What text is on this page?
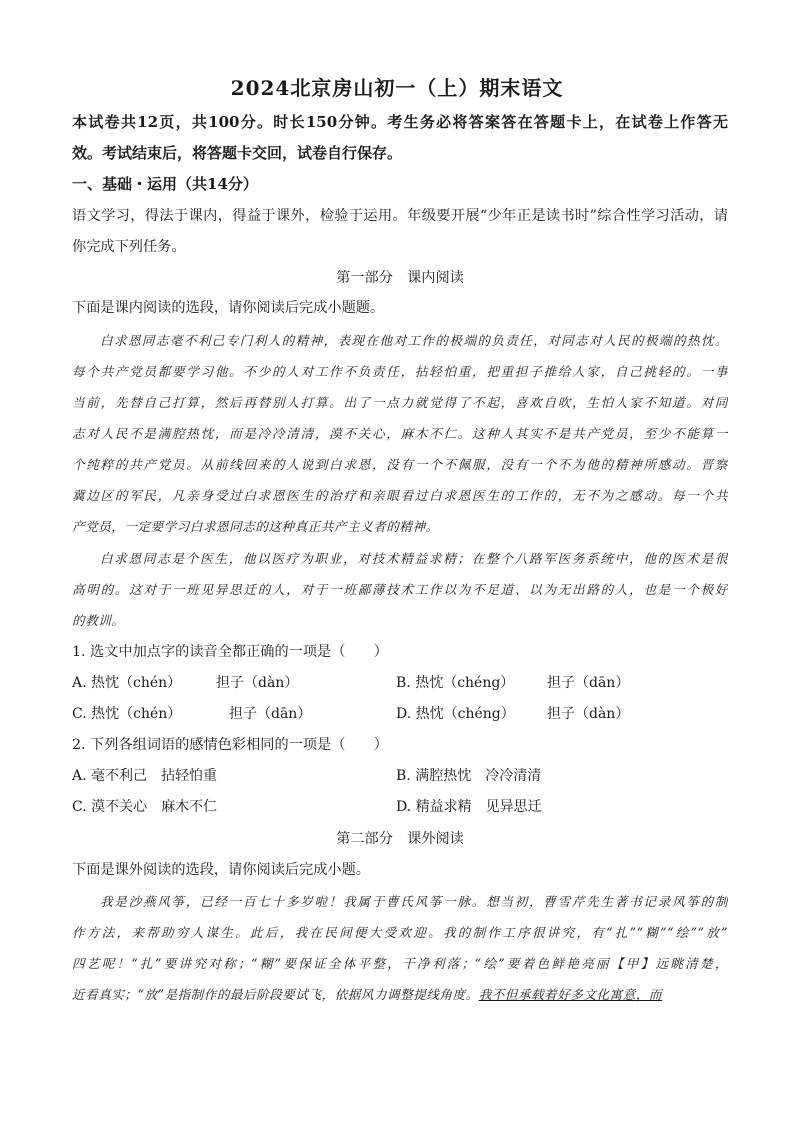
2024北京房山初一（上）期末语文
本试卷共12页，共100分。时长150分钟。考生务必将答案答在答题卡上，在试卷上作答无
效。考试结束后，将答题卡交回，试卷自行保存。
一、基础・运用（共14分）
语文学习，得法于课内，得益于课外，检验于运用。年级要开展“少年正是读书时”综合性学习活动，请
你完成下列任务。
第一部分　课内阅读
下面是课内阅读的选段，请你阅读后完成小题题。
白求恩同志毫不利己专门利人的精神，表现在他对工作的极端的负责任，对同志对人民的极端的热忱。
每个共产党员都要学习他。不少的人对工作不负责任，拈轻怕重，把重担子推给人家，自己挑轻的。一事
当前，先替自己打算，然后再替别人打算。出了一点力就觉得了不起，喜欢自吹，生怕人家不知道。对同
志对人民不是满腔热忱，而是冷冷清清，漠不关心，麻木不仁。这种人其实不是共产党员，至少不能算一
个纯粹的共产党员。从前线回来的人说到白求恩，没有一个不佩服，没有一个不为他的精神所感动。晋察
冀边区的军民，凡亲身受过白求恩医生的治疗和亲眼看过白求恩医生的工作的，无不为之感动。每一个共
产党员，一定要学习白求恩同志的这种真正共产主义者的精神。
白求恩同志是个医生，他以医疗为职业，对技术精益求精；在整个八路军医务系统中，他的医术是很
高明的。这对于一班见异思迁的人，对于一班鄙薄技术工作以为不足道、以为无出路的人，也是一个极好
的教训。
1. 选文中加点字的读音全都正确的一项是（　　）
A. 热忱（chén） 担子（dàn）	B. 热忱（chéng） 担子（dān）
C. 热忱（chén）	担子（dān）	D. 热忱（chéng） 担子（dàn）
2. 下列各组词语的感情色彩相同的一项是（　　）
A. 毫不利己　拈轻怕重	B. 满腔热忱　冷冷清清
C. 漠不关心　麻木不仁	D. 精益求精　见异思迁
第二部分　课外阅读
下面是课外阅读的选段，请你阅读后完成小题。
我是沙燕风筝，已经一百七十多岁啦！我属于曹氏风筝一脉。想当初，曹雪芹先生著书记录风筝的制
作方法，来帮助穷人谋生。此后，我在民间便大受欢迎。我的制作工序很讲究，有“扎”“糊”“绘”“放”
四艺呢！“扎”要讲究对称；“糊”要保证全体平整，干净利落；“绘”要着色鲜艳亮丽【甲】远眺清楚，
近看真实；“放”是指制作的最后阶段要试飞，依据风力调整提线角度。我不但承载着好多文化寓意，而
